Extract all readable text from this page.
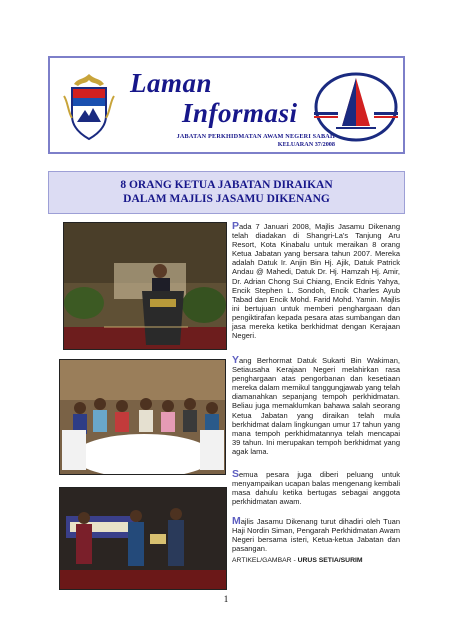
Laman
Informasi
JABATAN PERKHIDMATAN AWAM NEGERI SABAH
KELUARAN 37/2008
8 ORANG KETUA JABATAN DIRAIKAN
DALAM MAJLIS JASAMU DIKENANG
Pada 7 Januari 2008, Majlis Jasamu Dikenang telah diadakan di Shangri-La's Tanjung Aru Resort, Kota Kinabalu untuk meraikan 8 orang Ketua Jabatan yang bersara tahun 2007. Mereka adalah Datuk Ir. Anjin Bin Hj. Ajik, Datuk Patrick Andau @ Mahedi, Datuk Dr. Hj. Hamzah Hj. Amir, Dr. Adrian Chong Sui Chiang, Encik Ednis Yahya, Encik Stephen L. Sondoh, Encik Charles Ayub Tabad dan Encik Mohd. Farid Mohd. Yamin. Majlis ini bertujuan untuk memberi penghargaan dan pengiktirafan kepada pesara atas sumbangan dan jasa mereka ketika berkhidmat dengan Kerajaan Negeri.
Yang Berhormat Datuk Sukarti Bin Wakiman, Setiausaha Kerajaan Negeri melahirkan rasa penghargaan atas pengorbanan dan kesetiaan mereka dalam memikul tanggungjawab yang telah diamanahkan sepanjang tempoh perkhidmatan. Beliau juga memaklumkan bahawa salah seorang Ketua Jabatan yang diraikan telah mula berkhidmat dalam lingkungan umur 17 tahun yang mana tempoh perkhidmatannya telah mencapai 39 tahun. Ini merupakan tempoh berkhidmat yang agak lama.
Semua pesara juga diberi peluang untuk menyampaikan ucapan balas mengenang kembali masa dahulu ketika bertugas sebagai anggota perkhidmatan awam.
Majlis Jasamu Dikenang turut dihadiri oleh Tuan Haji Nordin Siman, Pengarah Perkhidmatan Awam Negeri bersama isteri, Ketua-ketua Jabatan dan pasangan.
ARTIKEL/GAMBAR - URUS SETIA/SURIM
1
